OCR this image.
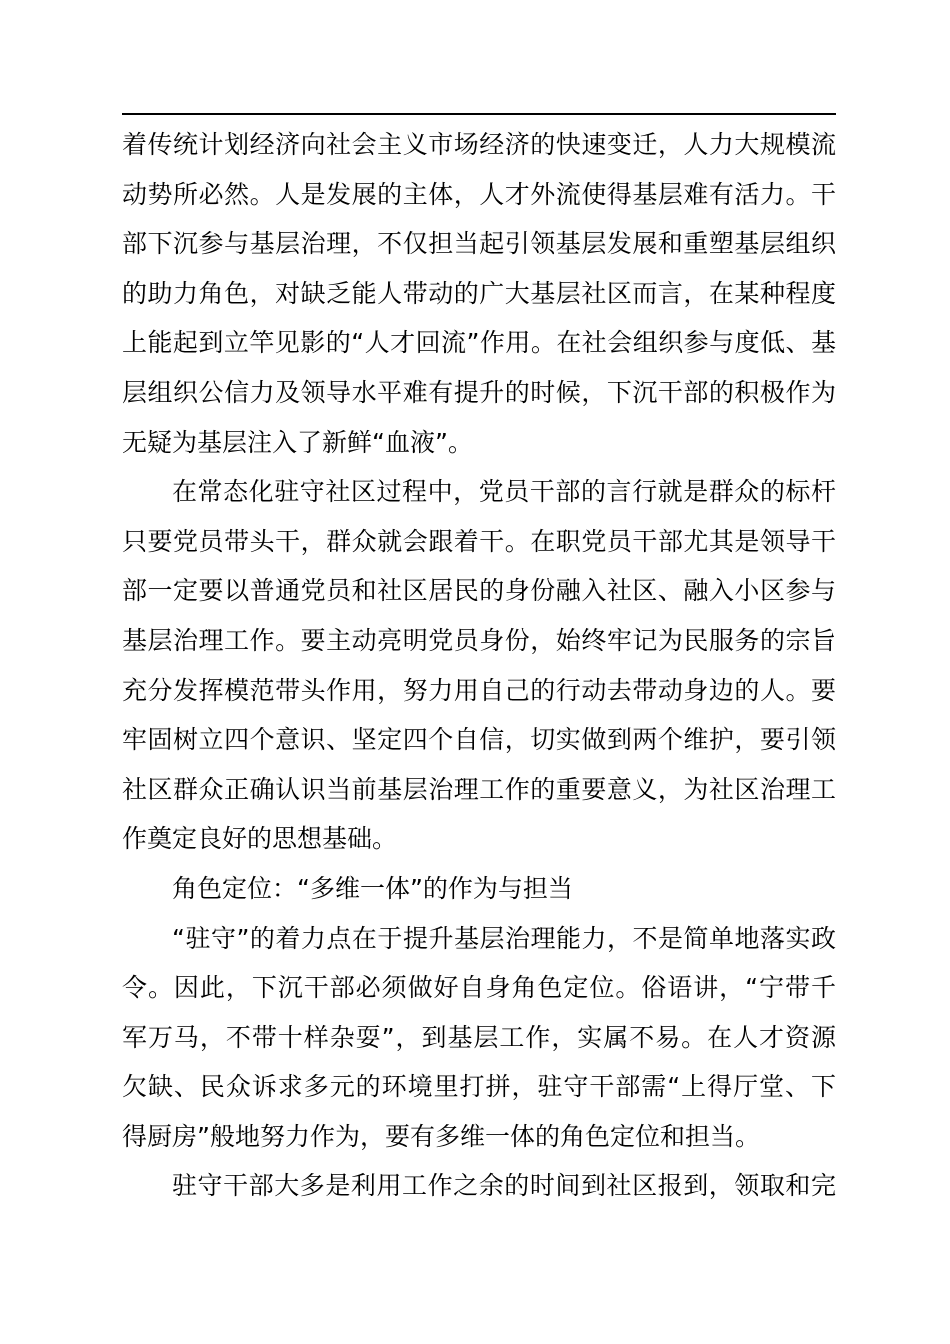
着传统计划经济向社会主义市场经济的快速变迁，人力大规模流
动势所必然。人是发展的主体，人才外流使得基层难有活力。干
部下沉参与基层治理，不仅担当起引领基层发展和重塑基层组织
的助力角色，对缺乏能人带动的广大基层社区而言，在某种程度
上能起到立竿见影的“人才回流”作用。在社会组织参与度低、基
层组织公信力及领导水平难有提升的时候，下沉干部的积极作为
无疑为基层注入了新鲜“血液”。
在常态化驻守社区过程中，党员干部的言行就是群众的标杆
只要党员带头干，群众就会跟着干。在职党员干部尤其是领导干
部一定要以普通党员和社区居民的身份融入社区、融入小区参与
基层治理工作。要主动亮明党员身份，始终牢记为民服务的宗旨
充分发挥模范带头作用，努力用自己的行动去带动身边的人。要
牢固树立四个意识、坚定四个自信，切实做到两个维护，要引领
社区群众正确认识当前基层治理工作的重要意义，为社区治理工
作奠定良好的思想基础。
角色定位：“多维一体”的作为与担当
“驻守”的着力点在于提升基层治理能力，不是简单地落实政
令。因此，下沉干部必须做好自身角色定位。俗语讲，“宁带千
军万马，不带十样杂耍”，到基层工作，实属不易。在人才资源
欠缺、民众诉求多元的环境里打拼，驻守干部需“上得厅堂、下
得厨房”般地努力作为，要有多维一体的角色定位和担当。
驻守干部大多是利用工作之余的时间到社区报到，领取和完
